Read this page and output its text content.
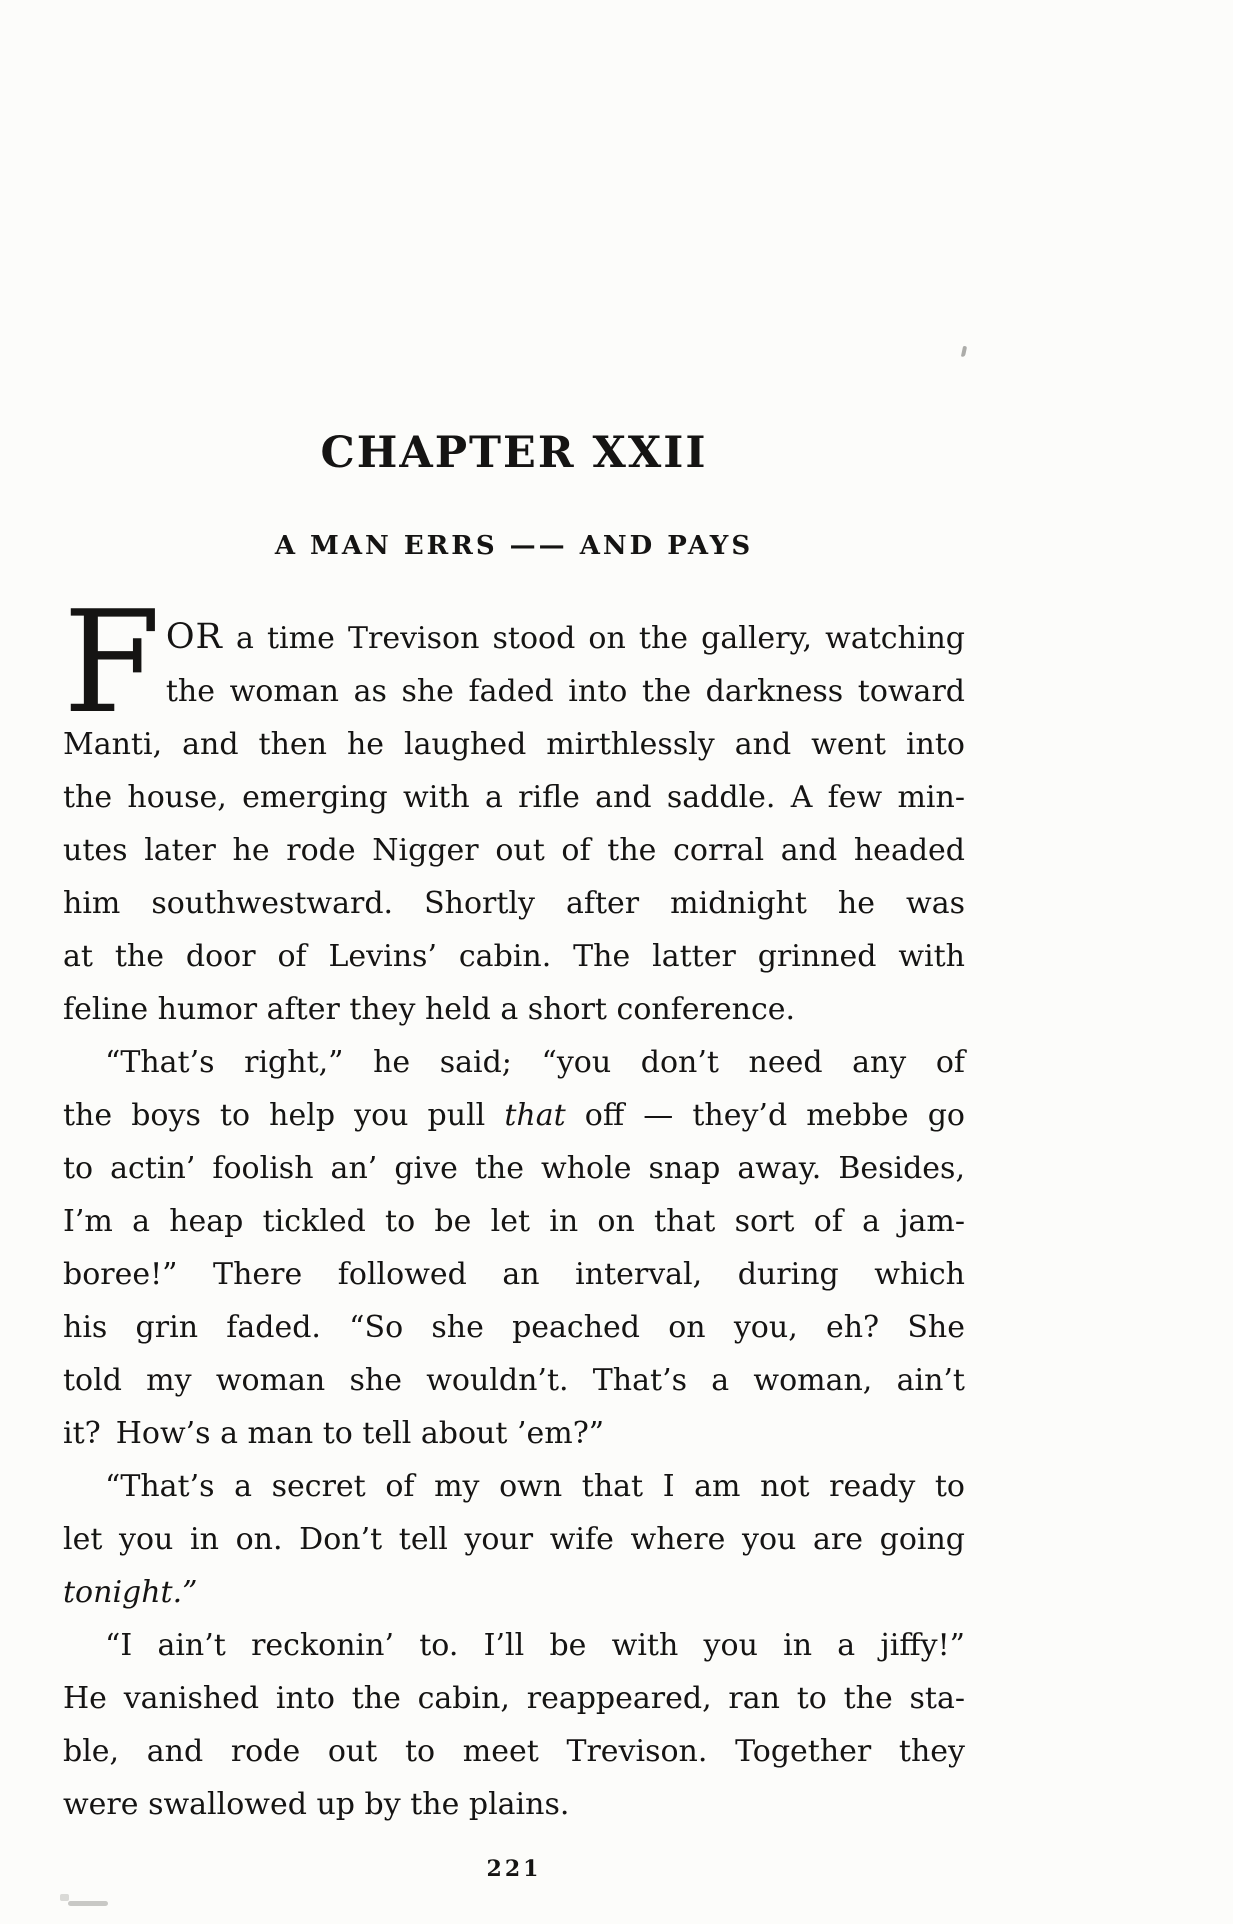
CHAPTER XXII
A MAN ERRS —— AND PAYS
F OR a time Trevison stood on the gallery, watching
the woman as she faded into the darkness toward
Manti, and then he laughed mirthlessly and went into
the house, emerging with a rifle and saddle. A few min-
utes later he rode Nigger out of the corral and headed
him southwestward. Shortly after midnight he was
at the door of Levins’ cabin. The latter grinned with
feline humor after they held a short conference.
“That’s right,” he said; “you don’t need any of
the boys to help you pull that off — they’d mebbe go
to actin’ foolish an’ give the whole snap away. Besides,
I’m a heap tickled to be let in on that sort of a jam-
boree!” There followed an interval, during which
his grin faded. “So she peached on you, eh? She
told my woman she wouldn’t. That’s a woman, ain’t
it? How’s a man to tell about ’em?”
“That’s a secret of my own that I am not ready to
let you in on. Don’t tell your wife where you are going
tonight.”
“I ain’t reckonin’ to. I’ll be with you in a jiffy!”
He vanished into the cabin, reappeared, ran to the sta-
ble, and rode out to meet Trevison. Together they
were swallowed up by the plains.
221
